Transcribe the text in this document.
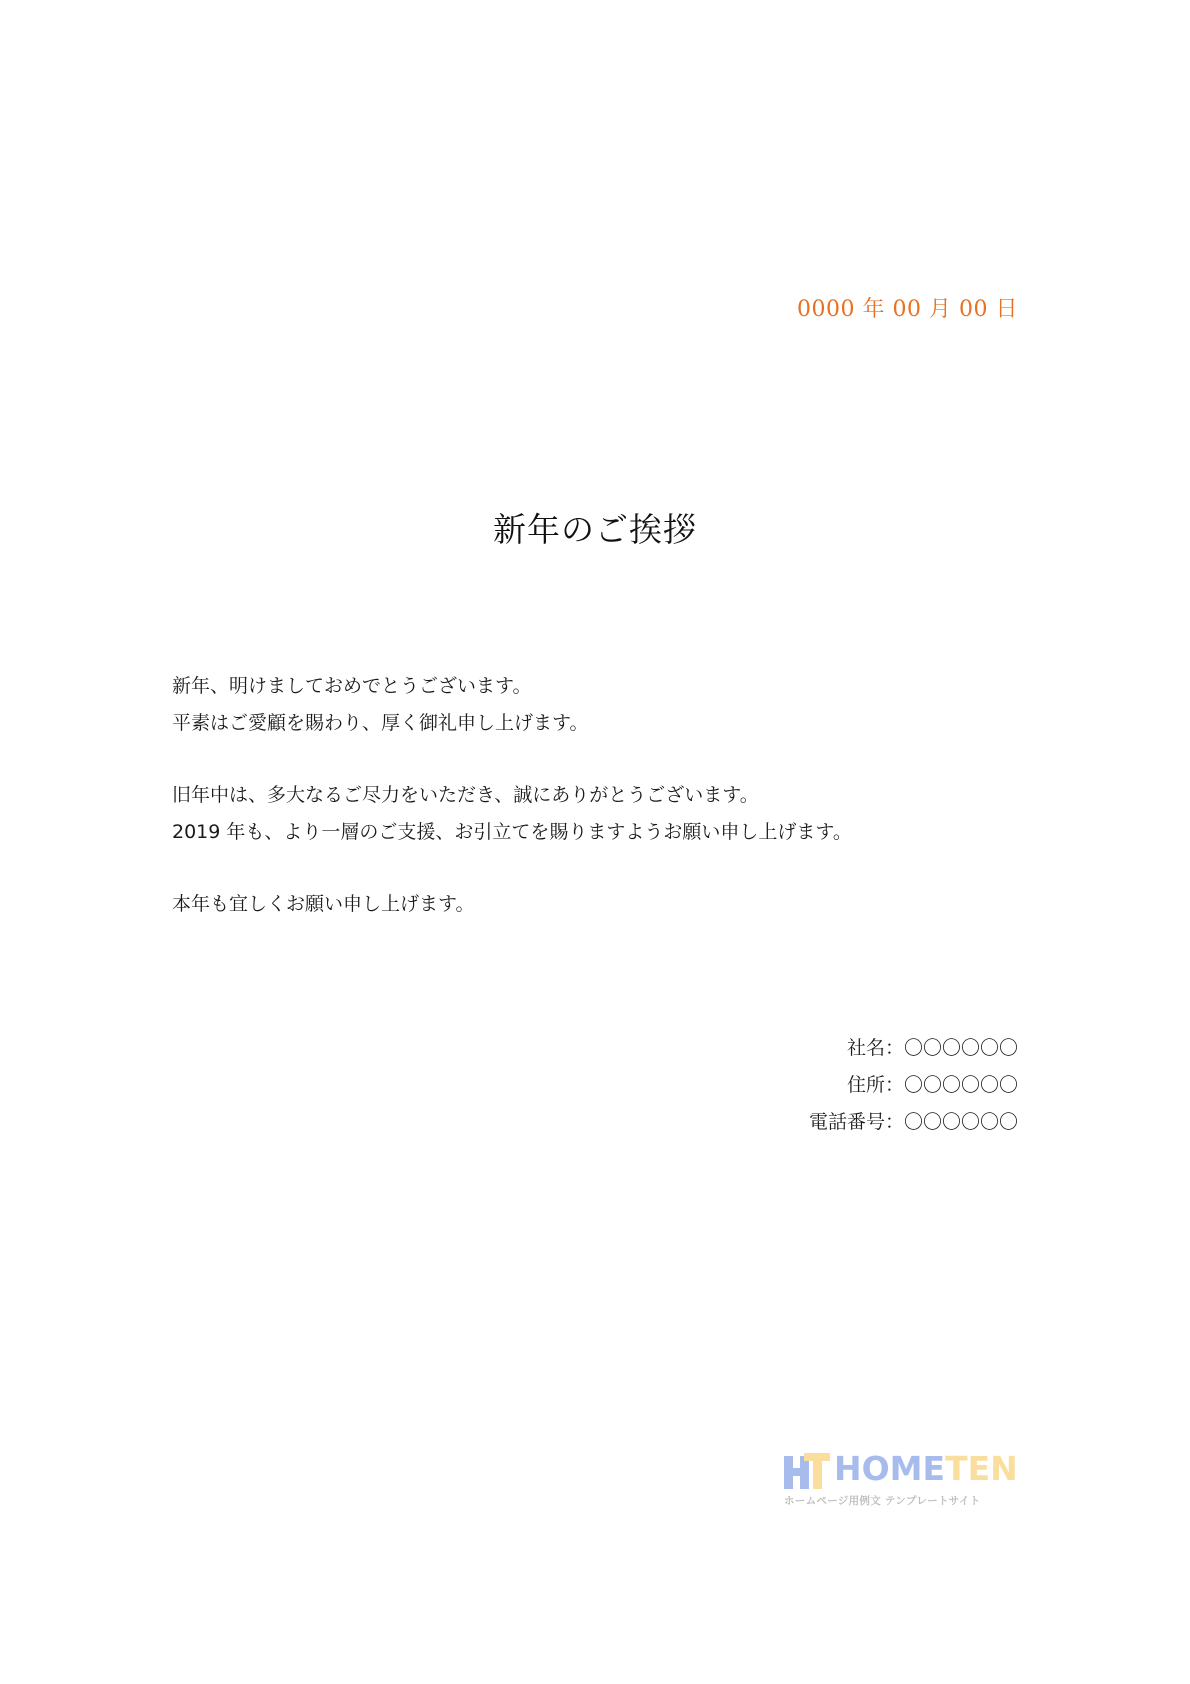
0000 年 00 月 00 日
新年のご挨拶

新年、明けましておめでとうございます。

平素はご愛顧を賜わり、厚く御礼申し上げます。

旧年中は、多大なるご尽力をいただき、誠にありがとうございます。

2019 年も、より一層のご支援、お引立てを賜りますようお願い申し上げます。

本年も宜しくお願い申し上げます。

社名：〇〇〇〇〇〇
住所：〇〇〇〇〇〇
電話番号：〇〇〇〇〇〇
HOMETEN
ホームページ用例文 テンプレートサイト
